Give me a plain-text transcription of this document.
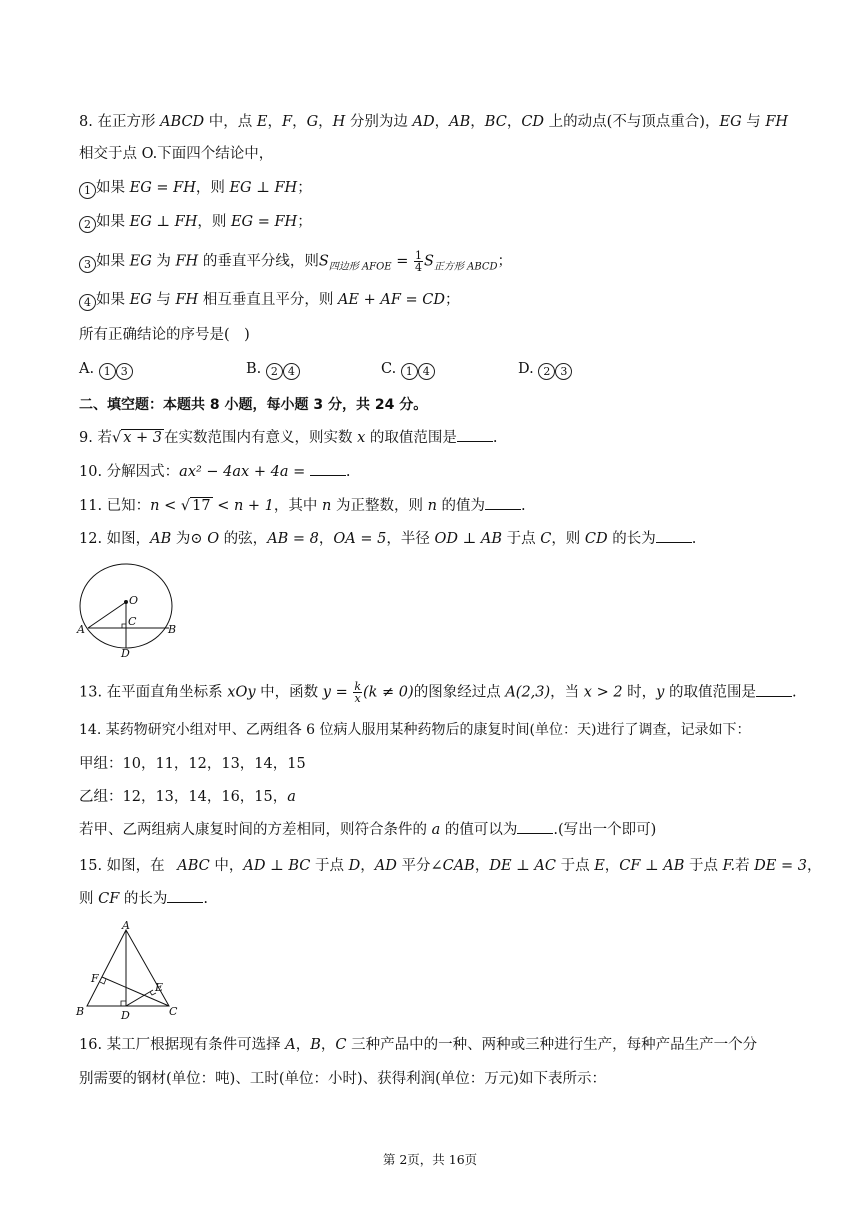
8. 在正方形 ABCD 中，点 E，F，G，H 分别为边 AD，AB，BC，CD 上的动点(不与顶点重合)，EG 与 FH
相交于点 O.下面四个结论中，
1 如果 EG = FH，则 EG ⊥ FH；
2 如果 EG ⊥ FH，则 EG = FH；
3 如果 EG 为 FH 的垂直平分线，则$S_{四边形 AFOE} = \frac{1}{4} S_{正方形 ABCD}$；
4 如果 EG 与 FH 相互垂直且平分，则 AE + AF = CD；
所有正确结论的序号是(　)
A. 1 3	B. 2 4	C. 1 4	D. 2 3
二、填空题：本题共 8 小题，每小题 3 分，共 24 分。
9. 若√ x + 3 在实数范围内有意义，则实数 x 的取值范围是 .
10. 分解因式：ax² − 4ax + 4a = .
11. 已知：n < √ 17 < n + 1，其中 n 为正整数，则 n 的值为 .
12. 如图，AB 为⊙ O 的弦，AB = 8，OA = 5，半径 OD ⊥ AB 于点 C，则 CD 的长为 .
O
C
A	B
D
13. 在平面直角坐标系 xOy 中，函数 $y = \frac{k}{x} (k \ne 0)$的图象经过点 A(2,3)，当 x > 2 时，y 的取值范围是 .
14. 某药物研究小组对甲、乙两组各 6 位病人服用某种药物后的康复时间(单位：天)进行了调查，记录如下：
甲组：10，11，12，13，14，15
乙组：12，13，14，16，15，a
若甲、乙两组病人康复时间的方差相同，则符合条件的 a 的值可以为 .(写出一个即可)
15. 如图，在 ABC 中，AD ⊥ BC 于点 D，AD 平分∠CAB，DE ⊥ AC 于点 E，CF ⊥ AB 于点 F.若 DE = 3，
则 CF 的长为 .
A
B	C
D
E
F
16. 某工厂根据现有条件可选择 A，B，C 三种产品中的一种、两种或三种进行生产，每种产品生产一个分
别需要的钢材(单位：吨)、工时(单位：小时)、获得利润(单位：万元)如下表所示：
第 2页，共 16页
